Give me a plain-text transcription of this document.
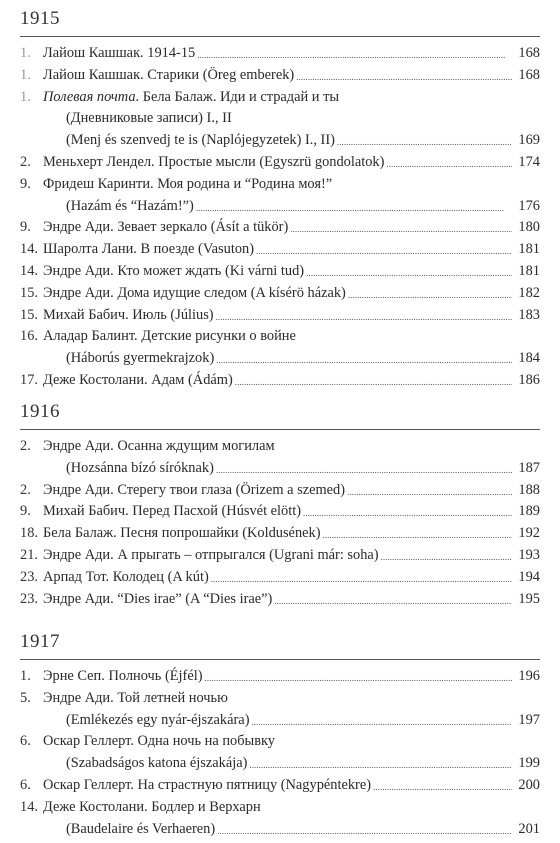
1915
1. Лайош Кашшак. 1914-15 . . .	168
1. Лайош Кашшак. Старики (Öreg emberek) . . .	168
1. Полевая почта. Бела Балаж. Иди и страдай и ты
(Дневниковые записи) I., II
(Menj és szenvedj te is (Naplójegyzetek) I., II) . . .	169
2. Меньхерт Лендел. Простые мысли (Egyszrü gondolatok) . . .	174
9. Фридеш Каринти. Моя родина и “Родина моя!”
(Hazám és “Hazám!”) . . .	176
9. Эндре Ади. Зевает зеркало (Ásít a tükör) . . .	180
14. Шаролта Лани. В поезде (Vasuton) . . .	181
14. Эндре Ади. Кто может ждать (Ki várni tud) . . .	181
15. Эндре Ади. Дома идущие следом (A kísérö házak) . . .	182
15. Михай Бабич. Июль (Július) . . .	183
16. Аладар Балинт. Детские рисунки о войне
(Háborús gyermekrajzok) . . .	184
17. Деже Костолани. Адам (Ádám) . . .	186
1916
2. Эндре Ади. Осанна ждущим могилам
(Hozsánna bízó síróknak) . . .	187
2. Эндре Ади. Стерегу твои глаза (Örizem a szemed) . . .	188
9. Михай Бабич. Перед Пасхой (Húsvét elött) . . .	189
18. Бела Балаж. Песня попрошайки (Koldusének) . . .	192
21. Эндре Ади. А прыгать – отпрыгался (Ugrani már: soha) . . .	193
23. Арпад Тот. Колодец (A kút) . . .	194
23. Эндре Ади. “Dies irae” (A “Dies irae”) . . .	195
1917
1. Эрне Сеп. Полночь (Éjfél) . . .	196
5. Эндре Ади. Той летней ночью
(Emlékezés egy nyár-éjszakára) . . .	197
6. Оскар Геллерт. Одна ночь на побывку
(Szabadságos katona éjszakája) . . .	199
6. Оскар Геллерт. На страстную пятницу (Nagypéntekre) . . .	200
14. Деже Костолани. Бодлер и Верхарн
(Baudelaire és Verhaeren) . . .	201
